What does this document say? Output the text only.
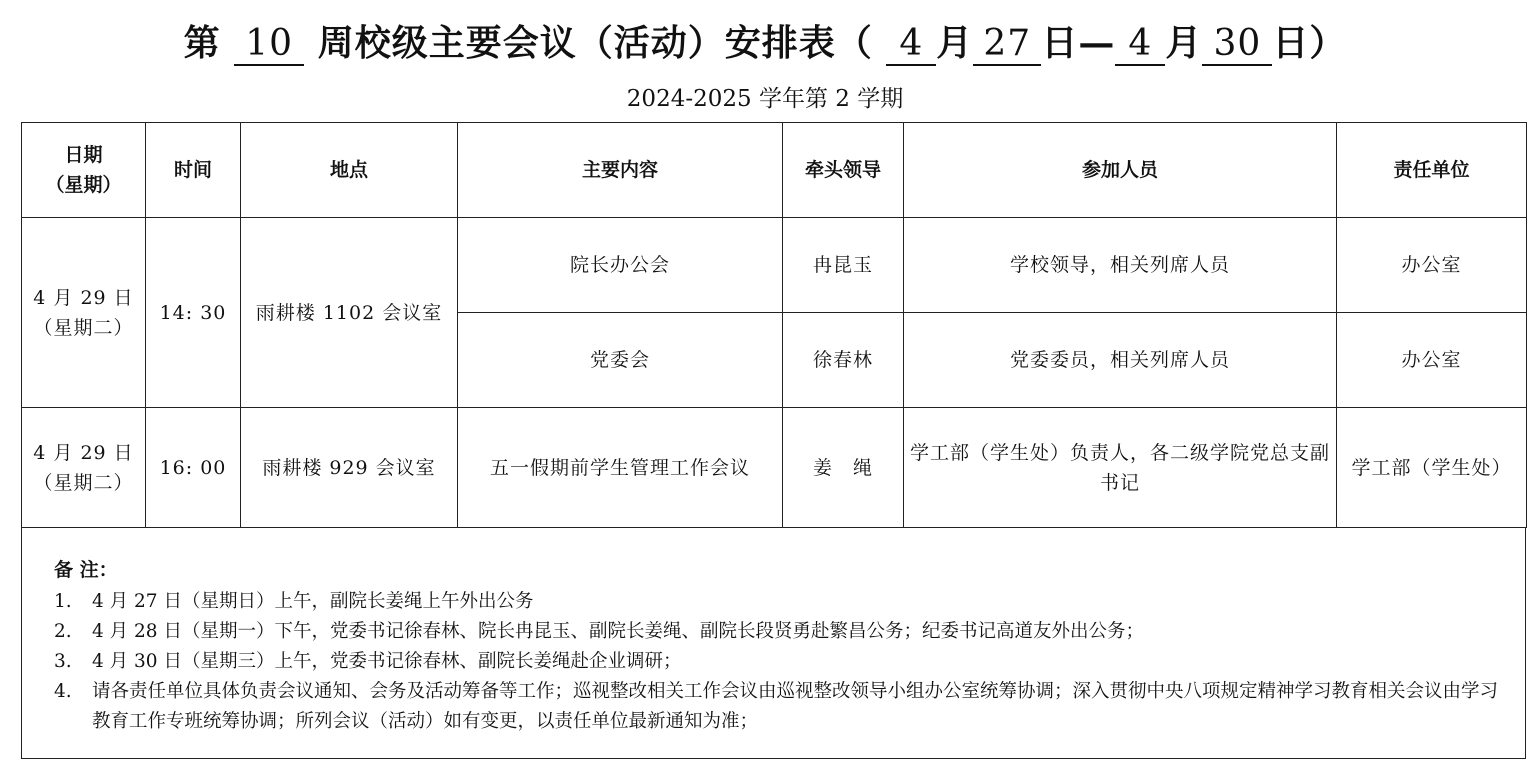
第 10 周校级主要会议（活动）安排表（ 4 月 27 日— 4 月 30 日）
2024-2025 学年第 2 学期
日期
（星期）	时间	地点	主要内容	牵头领导	参加人员	责任单位

4 月 29 日
（星期二）	14: 30	雨耕楼 1102 会议室	院长办公会	冉昆玉	学校领导，相关列席人员	办公室
			党委会	徐春林	党委委员，相关列席人员	办公室

4 月 29 日
（星期二）	16: 00	雨耕楼 929 会议室	五一假期前学生管理工作会议	姜　绳	学工部（学生处）负责人，各二级学院党总支副书记	学工部（学生处）
备 注：
1. 4 月 27 日（星期日）上午，副院长姜绳上午外出公务
2. 4 月 28 日（星期一）下午，党委书记徐春林、院长冉昆玉、副院长姜绳、副院长段贤勇赴繁昌公务；纪委书记高道友外出公务；
3. 4 月 30 日（星期三）上午，党委书记徐春林、副院长姜绳赴企业调研；
4. 请各责任单位具体负责会议通知、会务及活动筹备等工作；巡视整改相关工作会议由巡视整改领导小组办公室统筹协调；深入贯彻中央八项规定精神学习教育相关会议由学习教育工作专班统筹协调；所列会议（活动）如有变更，以责任单位最新通知为准；
